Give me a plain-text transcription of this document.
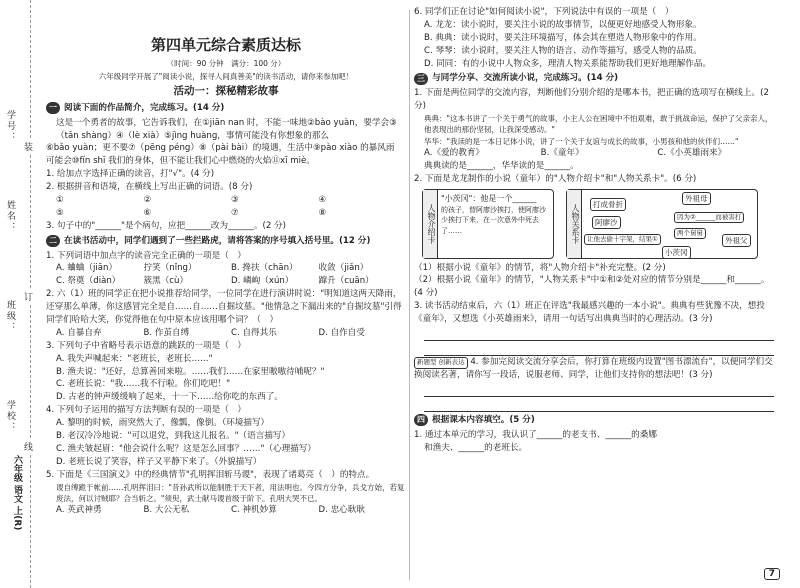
学号：
姓名：
班级：
学校：
装
订
线
六年级 语文 上(R)
第四单元综合素质达标
（时间：90 分钟　满分：100 分）
六年级同学开展了"阅读小说，探寻人间真善美"的读书活动，请你来参加吧！
活动一：探秘精彩故事
一 阅读下面的作品简介，完成练习。(14 分)

这是一个勇者的故事，它告诉我们，在①jiān nan 时，不能一味地②bào yuàn，要学会③（tǎn shàng）④（lè xià）⑤jìng huàng，事情可能没有你想象的那么

⑥bǎo yuàn；更不要⑦（pēng péng）⑧（pài bài）的境遇，生活中⑨pào xiào 的暴风雨

可能会⑩fín shī 我们的身体，但不能让我们心中燃烧的火焰⑪xī miè。

1. 给加点字选择正确的读音，打"√"。(4 分)

2. 根据拼音和语境，在横线上写出正确的词语。(8 分)

①	②	③	④
⑤	⑥	⑦	⑧

3. 句子中的"______"是个病句，应把______改为______。(2 分)

二 在读书活动中，同学们遇到了一些拦路虎，请将答案的序号填入括号里。(12 分)

1. 下列词语中加点字的读音完全正确的一项是（　）

A. 蛐蛐（jiān）	拧笑（nǐng）	B. 搀扶（chān）	收敛（jiǎn）
C. 祭奠（diàn）	簇黑（cù）	D. 嶙峋（xún）	蹿升（cuān）

2. 六（1）班的同学正在把小说推荐给同学，一位同学在进行演讲时说："明知道这两天降雨，还穿那么单薄，你这感冒完全是自……自……自掘坟墓。"他情急之下漏出来的"自掘坟墓"引得同学们哈哈大笑，你觉得他在句中原本应该用哪个词？（　）

A. 自暴自弃	B. 作茧自缚	C. 自得其乐	D. 自作自受

3. 下列句子中省略号表示语意的跳跃的一项是（　）

A. 我失声喊起来："老班长，老班长……"

B. 渔夫说："还好，总算善回来啦。……我们……在家里嗷嗷待哺呢？"

C. 老班长说："我……我不行啦。你们吃吧！"

D. 古老的钟声缓缓响了起来，十一下……给你吃的东西了。

4. 下列句子运用的描写方法判断有误的一项是（　）

A. 黎明的时候，雨突然大了，像瓢，像倒。（环境描写）

B. 老汉冷冷地说："可以退党，到我这儿报名。"（语言描写）

C. 渔夫皱起眉："他会说什么呢？这是怎么回事？……"（心理描写）

D. 老班长说了笑容，样子又平静下来了。（外貌描写）

5. 下面是《三国演义》中的经典情节"孔明挥泪斩马谡"，表现了诸葛亮（　）的特点。

谡自缚跪于帐前……孔明挥泪曰："昔孙武所以能制胜于天下者，用法明也。今四方分争，兵戈方始，若复废法，何以讨贼耶？合当斩之。"须臾，武士献马谡首级于阶下。孔明大哭不已。

A. 英武神勇	B. 大公无私	C. 神机妙算	D. 忠心耿耿

6. 同学们正在讨论"如何阅读小说"，下列说法中有误的一项是（　）

A. 龙龙：读小说时，要关注小说的故事情节，以便更好地感受人物形象。

B. 典典：读小说时，要关注环境描写，体会其在塑造人物形象中的作用。

C. 琴琴：读小说时，要关注人物的语言、动作等描写，感受人物的品质。

D. 同同：有的小说中人物众多，理清人物关系能帮助我们更好地理解作品。

三 与同学分享、交流所读小说，完成练习。(14 分)

1. 下面是两位同学的交流内容，判断他们分别介绍的是哪本书，把正确的选项写在横线上。(2 分)

典典："这本书讲了一个关于勇气的故事，小主人公在困境中不怕艰难，敢于挑战命运，保护了父亲亲人，他表现出的那份坚韧，让我深受感动。"

华华："我读的是一本日记体小说，讲了一个关于友谊与成长的故事，小男孩和他的伙伴们……"

A.《爱的教育》	B.《童年》	C.《小英雄雨来》

典典读的是______，华华读的是______。

2. 下面是龙龙制作的小说（童年）的"人物介绍卡"和"人物关系卡"。(6 分)

人物介绍卡
"小茨冈"：他是一个______
的孩子，替阿廖沙挨打，使阿廖沙少挨打下来，在一次意外中死去了……	人物关系卡
外祖母
打成骨折
阿廖沙
因为②______而被害打
外祖父
让他去偷十字架，结果①
小茨冈
两个舅舅

（1）根据小说《童年》的情节，将"人物介绍卡"补充完整。(2 分)

（2）根据小说《童年》的情节，"人物关系卡"中①和②处对应的情节分别是______和______。(4 分)

3. 读书活动结束后，六（1）班正在评选"我最感兴趣的一本小说"。典典有些犹豫不决，想投《童年》，又想选《小英雄雨来》，请用一句话写出典典当时的心理活动。(3 分)

新题型 创新表达 4. 参加完阅读交流分享会后，你打算在班级内设置"图书漂流台"，以便同学们交换阅读名著，请你写一段话，说服老师、同学，让他们支持你的想法吧！(3 分)

四 根据课本内容填空。(5 分)

1. 通过本单元的学习，我认识了______的老支书、______的桑娜

和渔夫、______的老班长。

7
